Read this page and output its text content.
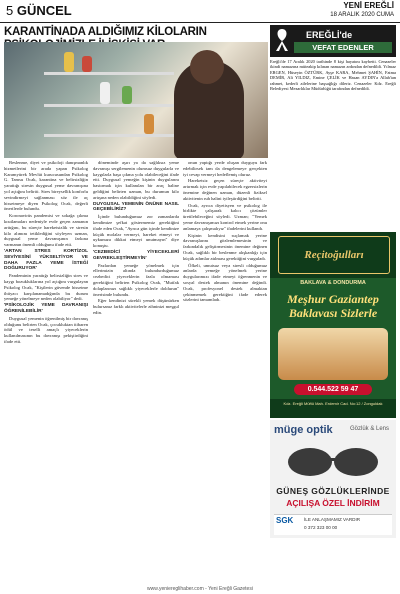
5 GÜNCEL	YENİ EREĞLİ
18 ARALIK 2020 CUMA
KARANTİNADA ALDIĞIMIZ KİLOLARIN

Beslenme, diyet ve psikoloji danışmanlık hizmetlerini bir arada yapan Psikolog Karamyürek Mevlüt kurucusundan Psikolog G. Tamsu Ocak, karantina ve belirsizliğin yarattığı stresin duygusal yeme davranışına yol açtığını belirtti. Stres bireysellik konforlu sevindirmeyi sağlanması söz ile aç hissetmeye diyen Psikolog Ocak, değerli önerilerde bulundu.

Koronavirüs pandemisi ve sokağa çıkma kısıtlamaları nedeniyle evde geçen zamanın arttığını, bu süreçte hareketsizlik ve stresin kilo alımını tetiklediğini söyleyen uzman, duygusal yeme davranışının farkına varmanın önemli olduğunu ifade etti.

'ARTAN STRES KORTİZOL SEVİYESİNİ YÜKSELTİYOR VE DAHA FAZLA YEME İSTEĞİ DOĞURUYOR'

Pandeminin yarattığı belirsizliğin stres ve kaygı bozukluklarına yol açtığını vurgulayan Psikolog Ocak, "Kişilerin güvende hissetme ihtiyacı karşılanamadığında bu durum yemeğe yönelmeye neden olabiliyor" dedi.

'PSİKOLOJİK YEME DAVRANIŞI ÖĞRENİLEBİLİR'

Duygusal yemenin öğrenilmiş bir davranış olduğunu belirten Ocak, çocukluktan itibaren ödül ve teselli amaçlı yiyeceklerin kullanılmasının bu davranışı pekiştirdiğini ifade etti.

döneminde aşırı ya da sağlıksız yeme davranışı sergilemenin olumsuz duygularla ve kaygılarla başa çıkma yolu olabileceğini ifade etti. Duygusal yemeğin kişinin duygularını bastırmak için kullanılan bir araç haline geldiğini belirten uzman, bu durumun kilo artışına neden olabildiğini söyledi.

DUYGUSAL YEMENİN ÖNÜNE NASIL GEÇEBİLİRİZ?

İçinde bulunduğumuz zor zamanlarda kendimize şefkat göstermemiz gerektiğini ifade eden Ocak, "Ayrıca gün içinde kendinize küçük molalar vermeyi, hareket etmeyi ve uykunuza dikkat etmeyi unutmayın" diye konuştu.

'CEZBEDİCİ YİYECEKLERİ GEVREKLEŞTİRMEYİN'

Pazlardan yemeğe yönelmek için ellerimizin altında bulundurduğumuz cezbedici yiyeceklerin fazla olmaması gerektiğini belirten Psikolog Ocak, "Mutfak dolaplarınızı sağlıklı yiyeceklerle doldurun" önerisinde bulundu.

Eğer kendinizi sürekli yemek düşünürken bulursanız farklı aktivitelerle zihninizi meşgul edin.

onun yaptığı yerde oluşan duyguyu fark edebilirsek tam da dengelemeye gerçekten iyi cevap vermeyi hedeflemiş oluruz.

Hareketsiz geçen süreçte aktiviteyi artırmak için evde yapılabilecek egzersizlerin önemine değinen uzman, düzenli fiziksel aktivitenin ruh halini iyileştirdiğini belirtti.

Ocak, ayrıca diyetisyen ve psikolog ile birlikte çalışarak kalıcı çözümler üretilebileceğini söyledi. Uzman; "Yemek yeme davranışımızı kontrol etmek yerine onu anlamaya çalışmalıyız" ifadelerini kullandı.

Kişinin kendisini suçlamak yerine davranışlarını gözlemlemesinin ve farkındalık geliştirmesinin önemine değinen Ocak, sağlıklı bir beslenme alışkanlığı için küçük adımlar atılması gerektiğini vurguladı.

Öfkeli, umutsuz veya stresli olduğumuz anlarda yemeğe yönelmek yerine duygularımızı ifade etmeyi öğrenmenin ve sosyal destek almanın önemine değindi. Ocak, profesyonel destek almaktan çekinmemek gerektiğini ifade ederek sözlerini tamamladı.

EREĞLİ'de
VEFAT EDENLER
Ereğli'de 17 Aralık 2020 tarihinde 8 kişi hayatını kaybetti. Cenazeler ikindi namazına müteakip kılınan namazın ardından defnedildi. Yılmaz ERGEN, Hüseyin ÖZTÜRK, Ayşe KARA, Mehmet ŞAHİN, Fatma DEMİR, Ali YILDIZ, Emine ÇELİK ve Hasan AYDIN'a Allah'tan rahmet, kederli ailelerine başsağlığı dileriz. Cenazeler Kdz. Ereğli Belediyesi Mezarlıklar Müdürlüğü tarafından defnedildi.
Reçitoğulları
BAKLAVA & DONDURMA
Meşhur Gaziantep
Baklavası Sizlerle
0.544.522 59 47
Kdz. Ereğli Müftü Mah. Erdemir Cad. No:12 / Zonguldak
müge optik	Gözlük & Lens
GÜNEŞ GÖZLÜKLERİNDE
AÇILIŞA ÖZEL İNDİRİM
SGK İLE ANLAŞMAMIZ VARDIR
0 372 323 00 00
www.yeniereglihaber.com - Yeni Ereğli Gazetesi
